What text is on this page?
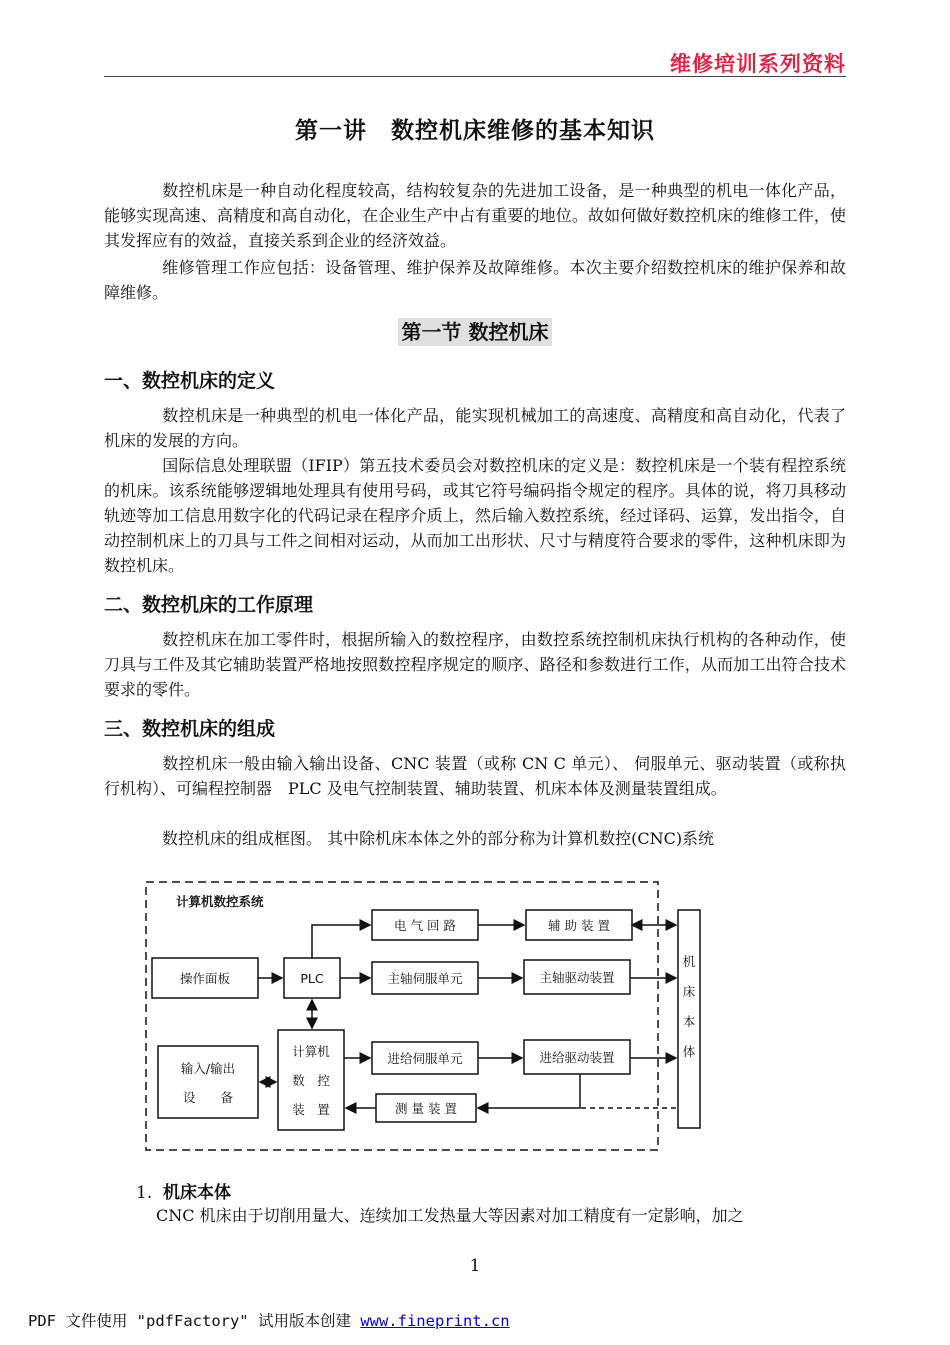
维修培训系列资料
第一讲　数控机床维修的基本知识
数控机床是一种自动化程度较高，结构较复杂的先进加工设备，是一种典型的机电一体化产品，能够实现高速、高精度和高自动化，在企业生产中占有重要的地位。故如何做好数控机床的维修工件，使其发挥应有的效益，直接关系到企业的经济效益。
维修管理工作应包括：设备管理、维护保养及故障维修。本次主要介绍数控机床的维护保养和故障维修。
第一节 数控机床
一、数控机床的定义
数控机床是一种典型的机电一体化产品，能实现机械加工的高速度、高精度和高自动化，代表了机床的发展的方向。
国际信息处理联盟（IFIP）第五技术委员会对数控机床的定义是：数控机床是一个装有程控系统的机床。该系统能够逻辑地处理具有使用号码，或其它符号编码指令规定的程序。具体的说，将刀具移动轨迹等加工信息用数字化的代码记录在程序介质上，然后输入数控系统，经过译码、运算，发出指令，自动控制机床上的刀具与工件之间相对运动，从而加工出形状、尺寸与精度符合要求的零件，这种机床即为数控机床。
二、数控机床的工作原理
数控机床在加工零件时，根据所输入的数控程序，由数控系统控制机床执行机构的各种动作，使刀具与工件及其它辅助装置严格地按照数控程序规定的顺序、路径和参数进行工作，从而加工出符合技术要求的零件。
三、数控机床的组成
数控机床一般由输入输出设备、CNC 装置（或称 CN C 单元）、 伺服单元、驱动装置（或称执行机构）、可编程控制器　PLC 及电气控制装置、辅助装置、机床本体及测量装置组成。
数控机床的组成框图。 其中除机床本体之外的部分称为计算机数控(CNC)系统
计算机数控系统
电 气 回 路	辅 助 装 置
操作面板	PLC	主轴伺服单元	主轴驱动装置
机
床
本
体
输入/输出
设　　备
计算机
数　控
装　置
进给伺服单元	进给驱动装置
测 量 装 置
1. 机床本体
CNC 机床由于切削用量大、连续加工发热量大等因素对加工精度有一定影响，加之
1
PDF 文件使用 "pdfFactory" 试用版本创建 www.fineprint.cn
